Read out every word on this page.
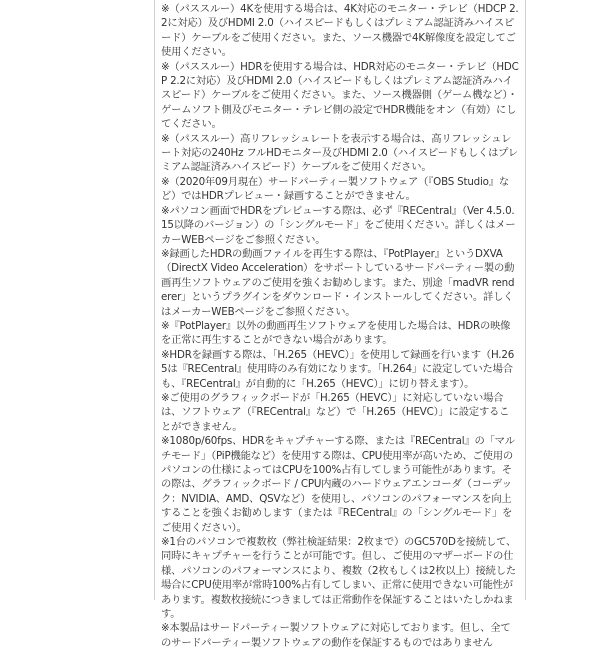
※（パススルー）4Kを使用する場合は、4K対応のモニター・テレビ（HDCP 2.2に対応）及びHDMI 2.0（ハイスピードもしくはプレミアム認証済みハイスピード）ケーブルをご使用ください。また、ソース機器で4K解像度を設定してご使用ください。

※（パススルー）HDRを使用する場合は、HDR対応のモニター・テレビ（HDCP 2.2に対応）及びHDMI 2.0（ハイスピードもしくはプレミアム認証済みハイスピード）ケーブルをご使用ください。また、ソース機器側（ゲーム機など）・ゲームソフト側及びモニター・テレビ側の設定でHDR機能をオン（有効）にしてください。

※（パススルー）高リフレッシュレートを表示する場合は、高リフレッシュレート対応の240Hz フルHDモニター及びHDMI 2.0（ハイスピードもしくはプレミアム認証済みハイスピード）ケーブルをご使用ください。

※（2020年09月現在）サードパーティー製ソフトウェア（『OBS Studio』など）ではHDRプレビュー・録画することができません。

※パソコン画面でHDRをプレビューする際は、必ず『RECentral』（Ver 4.5.0.15以降のバージョン）の「シングルモード」をご使用ください。詳しくはメーカーWEBページをご参照ください。

※録画したHDRの動画ファイルを再生する際は、『PotPlayer』というDXVA（DirectX Video Acceleration）をサポートしているサードパーティー製の動画再生ソフトウェアのご使用を強くお勧めします。また、別途「madVR renderer」というプラグインをダウンロード・インストールしてください。詳しくはメーカーWEBページをご参照ください。

※『PotPlayer』以外の動画再生ソフトウェアを使用した場合は、HDRの映像を正常に再生することができない場合があります。

※HDRを録画する際は、「H.265（HEVC）」を使用して録画を行います（H.265は『RECentral』使用時のみ有効になります。「H.264」に設定していた場合も、『RECentral』が自動的に「H.265（HEVC）」に切り替えます）。

※ご使用のグラフィックボードが「H.265（HEVC）」に対応していない場合は、ソフトウェア（『RECentral』など）で「H.265（HEVC）」に設定することができません。

※1080p/60fps、HDRをキャプチャーする際、または『RECentral』の「マルチモード」（PiP機能など）を使用する際は、CPU使用率が高いため、ご使用のパソコンの仕様によってはCPUを100%占有してしまう可能性があります。その際は、グラフィックボード / CPU内蔵のハードウェアエンコーダ（コーデック：NVIDIA、AMD、QSVなど）を使用し、パソコンのパフォーマンスを向上することを強くお勧めします（または『RECentral』の「シングルモード」をご使用ください）。

※1台のパソコンで複数枚（弊社検証結果：2枚まで）のGC570Dを接続して、同時にキャプチャーを行うことが可能です。但し、ご使用のマザーボードの仕様、パソコンのパフォーマンスにより、複数（2枚もしくは2枚以上）接続した場合にCPU使用率が常時100%占有してしまい、正常に使用できない可能性があります。複数枚接続につきましては正常動作を保証することはいたしかねます。

※本製品はサードパーティー製ソフトウェアに対応しております。但し、全てのサードパーティー製ソフトウェアの動作を保証するものではありません
